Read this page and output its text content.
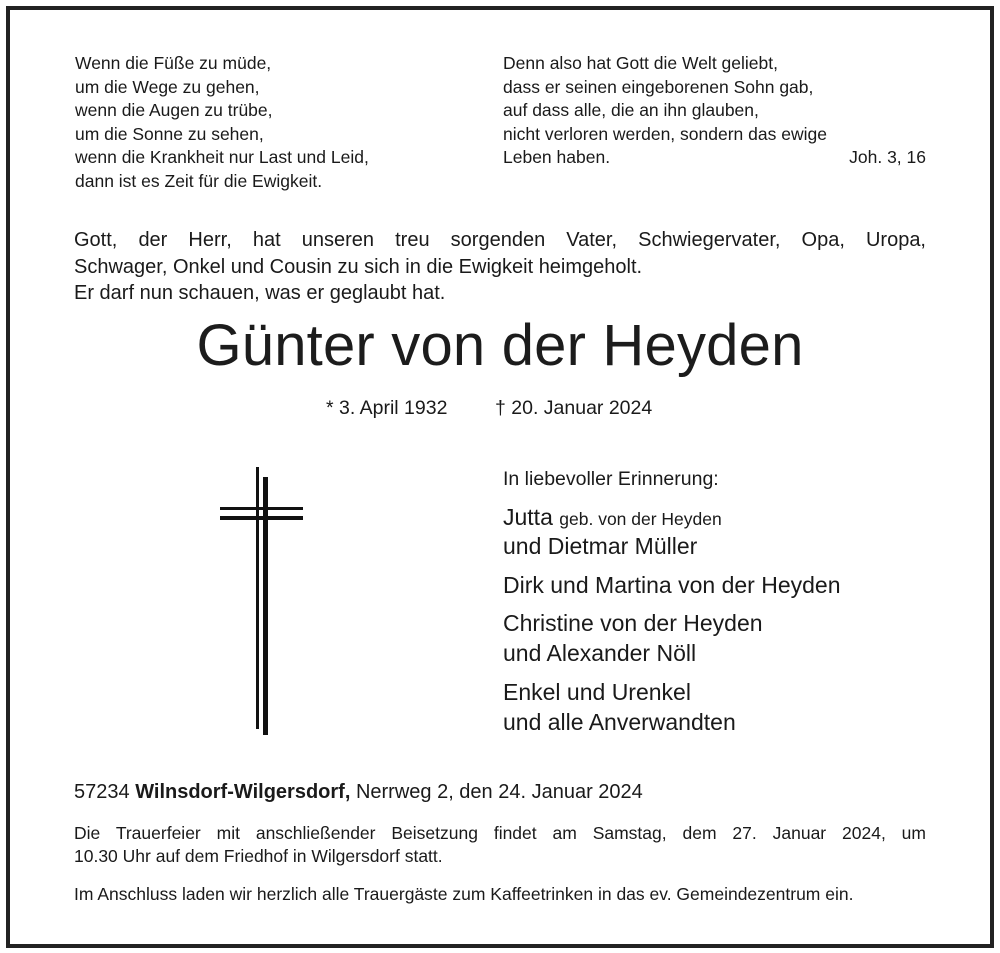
Wenn die Füße zu müde,
um die Wege zu gehen,
wenn die Augen zu trübe,
um die Sonne zu sehen,
wenn die Krankheit nur Last und Leid,
dann ist es Zeit für die Ewigkeit.
Denn also hat Gott die Welt geliebt,
dass er seinen eingeborenen Sohn gab,
auf dass alle, die an ihn glauben,
nicht verloren werden, sondern das ewige
Leben haben.	Joh. 3, 16
Gott, der Herr, hat unseren treu sorgenden Vater, Schwiegervater, Opa, Uropa,
Schwager, Onkel und Cousin zu sich in die Ewigkeit heimgeholt.
Er darf nun schauen, was er geglaubt hat.
Günter von der Heyden
* 3. April 1932 † 20. Januar 2024
In liebevoller Erinnerung:
Jutta geb. von der Heyden
und Dietmar Müller
Dirk und Martina von der Heyden
Christine von der Heyden
und Alexander Nöll
Enkel und Urenkel
und alle Anverwandten
57234 Wilnsdorf-Wilgersdorf, Nerrweg 2, den 24. Januar 2024
Die Trauerfeier mit anschließender Beisetzung findet am Samstag, dem 27. Januar 2024, um
10.30 Uhr auf dem Friedhof in Wilgersdorf statt.
Im Anschluss laden wir herzlich alle Trauergäste zum Kaffeetrinken in das ev. Gemeindezentrum ein.
